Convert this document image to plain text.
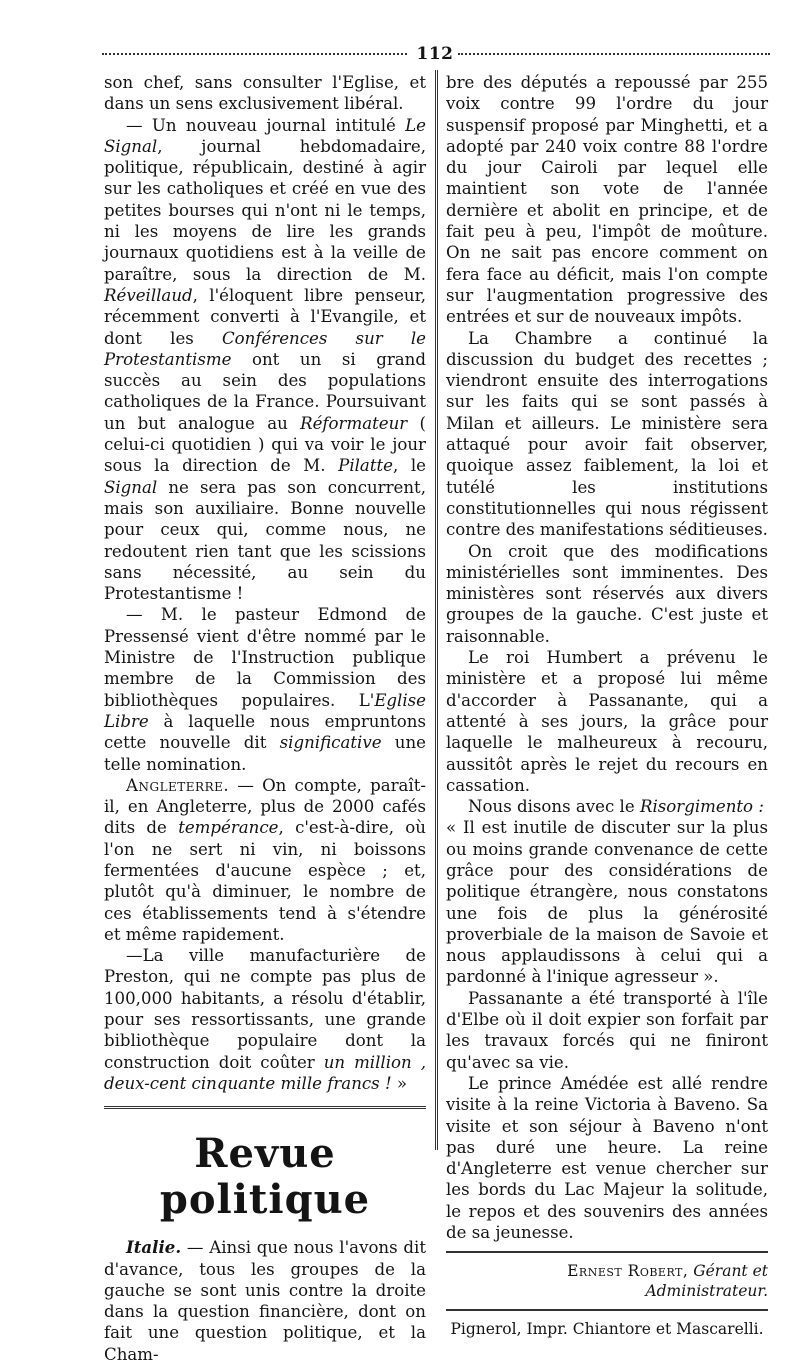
112

son chef, sans consulter l'Eglise, et dans un sens exclusivement libéral.

— Un nouveau journal intitulé Le Signal, journal hebdomadaire, politique, républicain, destiné à agir sur les catholiques et créé en vue des petites bourses qui n'ont ni le temps, ni les moyens de lire les grands journaux quotidiens est à la veille de paraître, sous la direction de M. Réveillaud, l'éloquent libre penseur, récemment converti à l'Evangile, et dont les Conférences sur le Protestantisme ont un si grand succès au sein des populations catholiques de la France. Poursuivant un but analogue au Réformateur ( celui-ci quotidien ) qui va voir le jour sous la direction de M. Pilatte, le Signal ne sera pas son concurrent, mais son auxiliaire. Bonne nouvelle pour ceux qui, comme nous, ne redoutent rien tant que les scissions sans nécessité, au sein du Protestantisme !

— M. le pasteur Edmond de Pressensé vient d'être nommé par le Ministre de l'Instruction publique membre de la Commission des bibliothèques populaires. L'Eglise Libre à laquelle nous empruntons cette nouvelle dit significative une telle nomination.

Angleterre. — On compte, paraît-il, en Angleterre, plus de 2000 cafés dits de tempérance, c'est-à-dire, où l'on ne sert ni vin, ni boissons fermentées d'aucune espèce ; et, plutôt qu'à diminuer, le nombre de ces établissements tend à s'étendre et même rapidement.

—La ville manufacturière de Preston, qui ne compte pas plus de 100,000 habitants, a résolu d'établir, pour ses ressortissants, une grande bibliothèque populaire dont la construction doit coûter un million , deux-cent cinquante mille francs ! »

Revue politique

Italie. — Ainsi que nous l'avons dit d'avance, tous les groupes de la gauche se sont unis contre la droite dans la question financière, dont on fait une question politique, et la Cham-

bre des députés a repoussé par 255 voix contre 99 l'ordre du jour suspensif proposé par Minghetti, et a adopté par 240 voix contre 88 l'ordre du jour Cairoli par lequel elle maintient son vote de l'année dernière et abolit en principe, et de fait peu à peu, l'impôt de moûture. On ne sait pas encore comment on fera face au déficit, mais l'on compte sur l'augmentation progressive des entrées et sur de nouveaux impôts.

La Chambre a continué la discussion du budget des recettes ; viendront ensuite des interrogations sur les faits qui se sont passés à Milan et ailleurs. Le ministère sera attaqué pour avoir fait observer, quoique assez faiblement, la loi et tutélé les institutions constitutionnelles qui nous régissent contre des manifestations séditieuses.

On croit que des modifications ministérielles sont imminentes. Des ministères sont réservés aux divers groupes de la gauche. C'est juste et raisonnable.

Le roi Humbert a prévenu le ministère et a proposé lui même d'accorder à Passanante, qui a attenté à ses jours, la grâce pour laquelle le malheureux à recouru, aussitôt après le rejet du recours en cassation.

Nous disons avec le Risorgimento :

« Il est inutile de discuter sur la plus ou moins grande convenance de cette grâce pour des considérations de politique étrangère, nous constatons une fois de plus la générosité proverbiale de la maison de Savoie et nous applaudissons à celui qui a pardonné à l'inique agresseur ».

Passanante a été transporté à l'île d'Elbe où il doit expier son forfait par les travaux forcés qui ne finiront qu'avec sa vie.

Le prince Amédée est allé rendre visite à la reine Victoria à Baveno. Sa visite et son séjour à Baveno n'ont pas duré une heure. La reine d'Angleterre est venue chercher sur les bords du Lac Majeur la solitude, le repos et des souvenirs des années de sa jeunesse.

Ernest Robert, Gérant et Administrateur.
Pignerol, Impr. Chiantore et Mascarelli.
